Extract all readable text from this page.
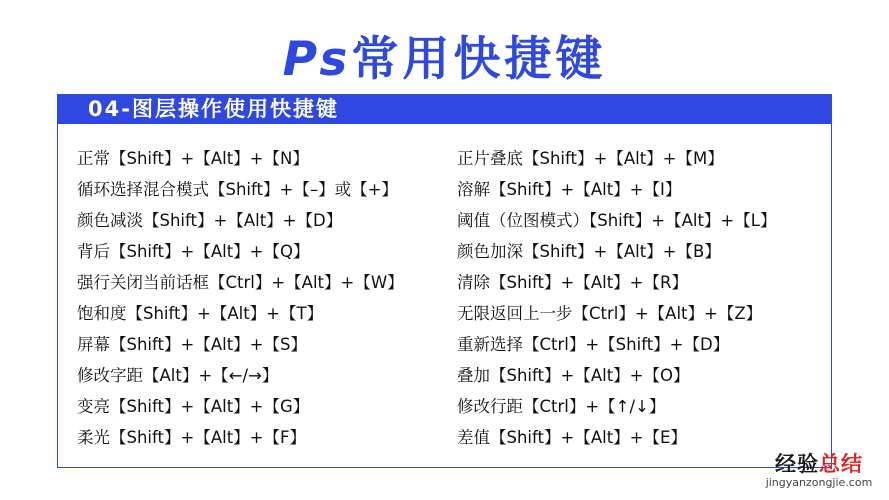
Ps常用快捷键
04-图层操作使用快捷键
正常【Shift】+【Alt】+【N】
循环选择混合模式【Shift】+【–】或【+】
颜色减淡【Shift】+【Alt】+【D】
背后【Shift】+【Alt】+【Q】
强行关闭当前话框【Ctrl】+【Alt】+【W】
饱和度【Shift】+【Alt】+【T】
屏幕【Shift】+【Alt】+【S】
修改字距【Alt】+【←/→】
变亮【Shift】+【Alt】+【G】
柔光【Shift】+【Alt】+【F】
正片叠底【Shift】+【Alt】+【M】
溶解【Shift】+【Alt】+【I】
阈值（位图模式）【Shift】+【Alt】+【L】
颜色加深【Shift】+【Alt】+【B】
清除【Shift】+【Alt】+【R】
无限返回上一步【Ctrl】+【Alt】+【Z】
重新选择【Ctrl】+【Shift】+【D】
叠加【Shift】+【Alt】+【O】
修改行距【Ctrl】+【↑/↓】
差值【Shift】+【Alt】+【E】
经验总结
jingyanzongjie.com
